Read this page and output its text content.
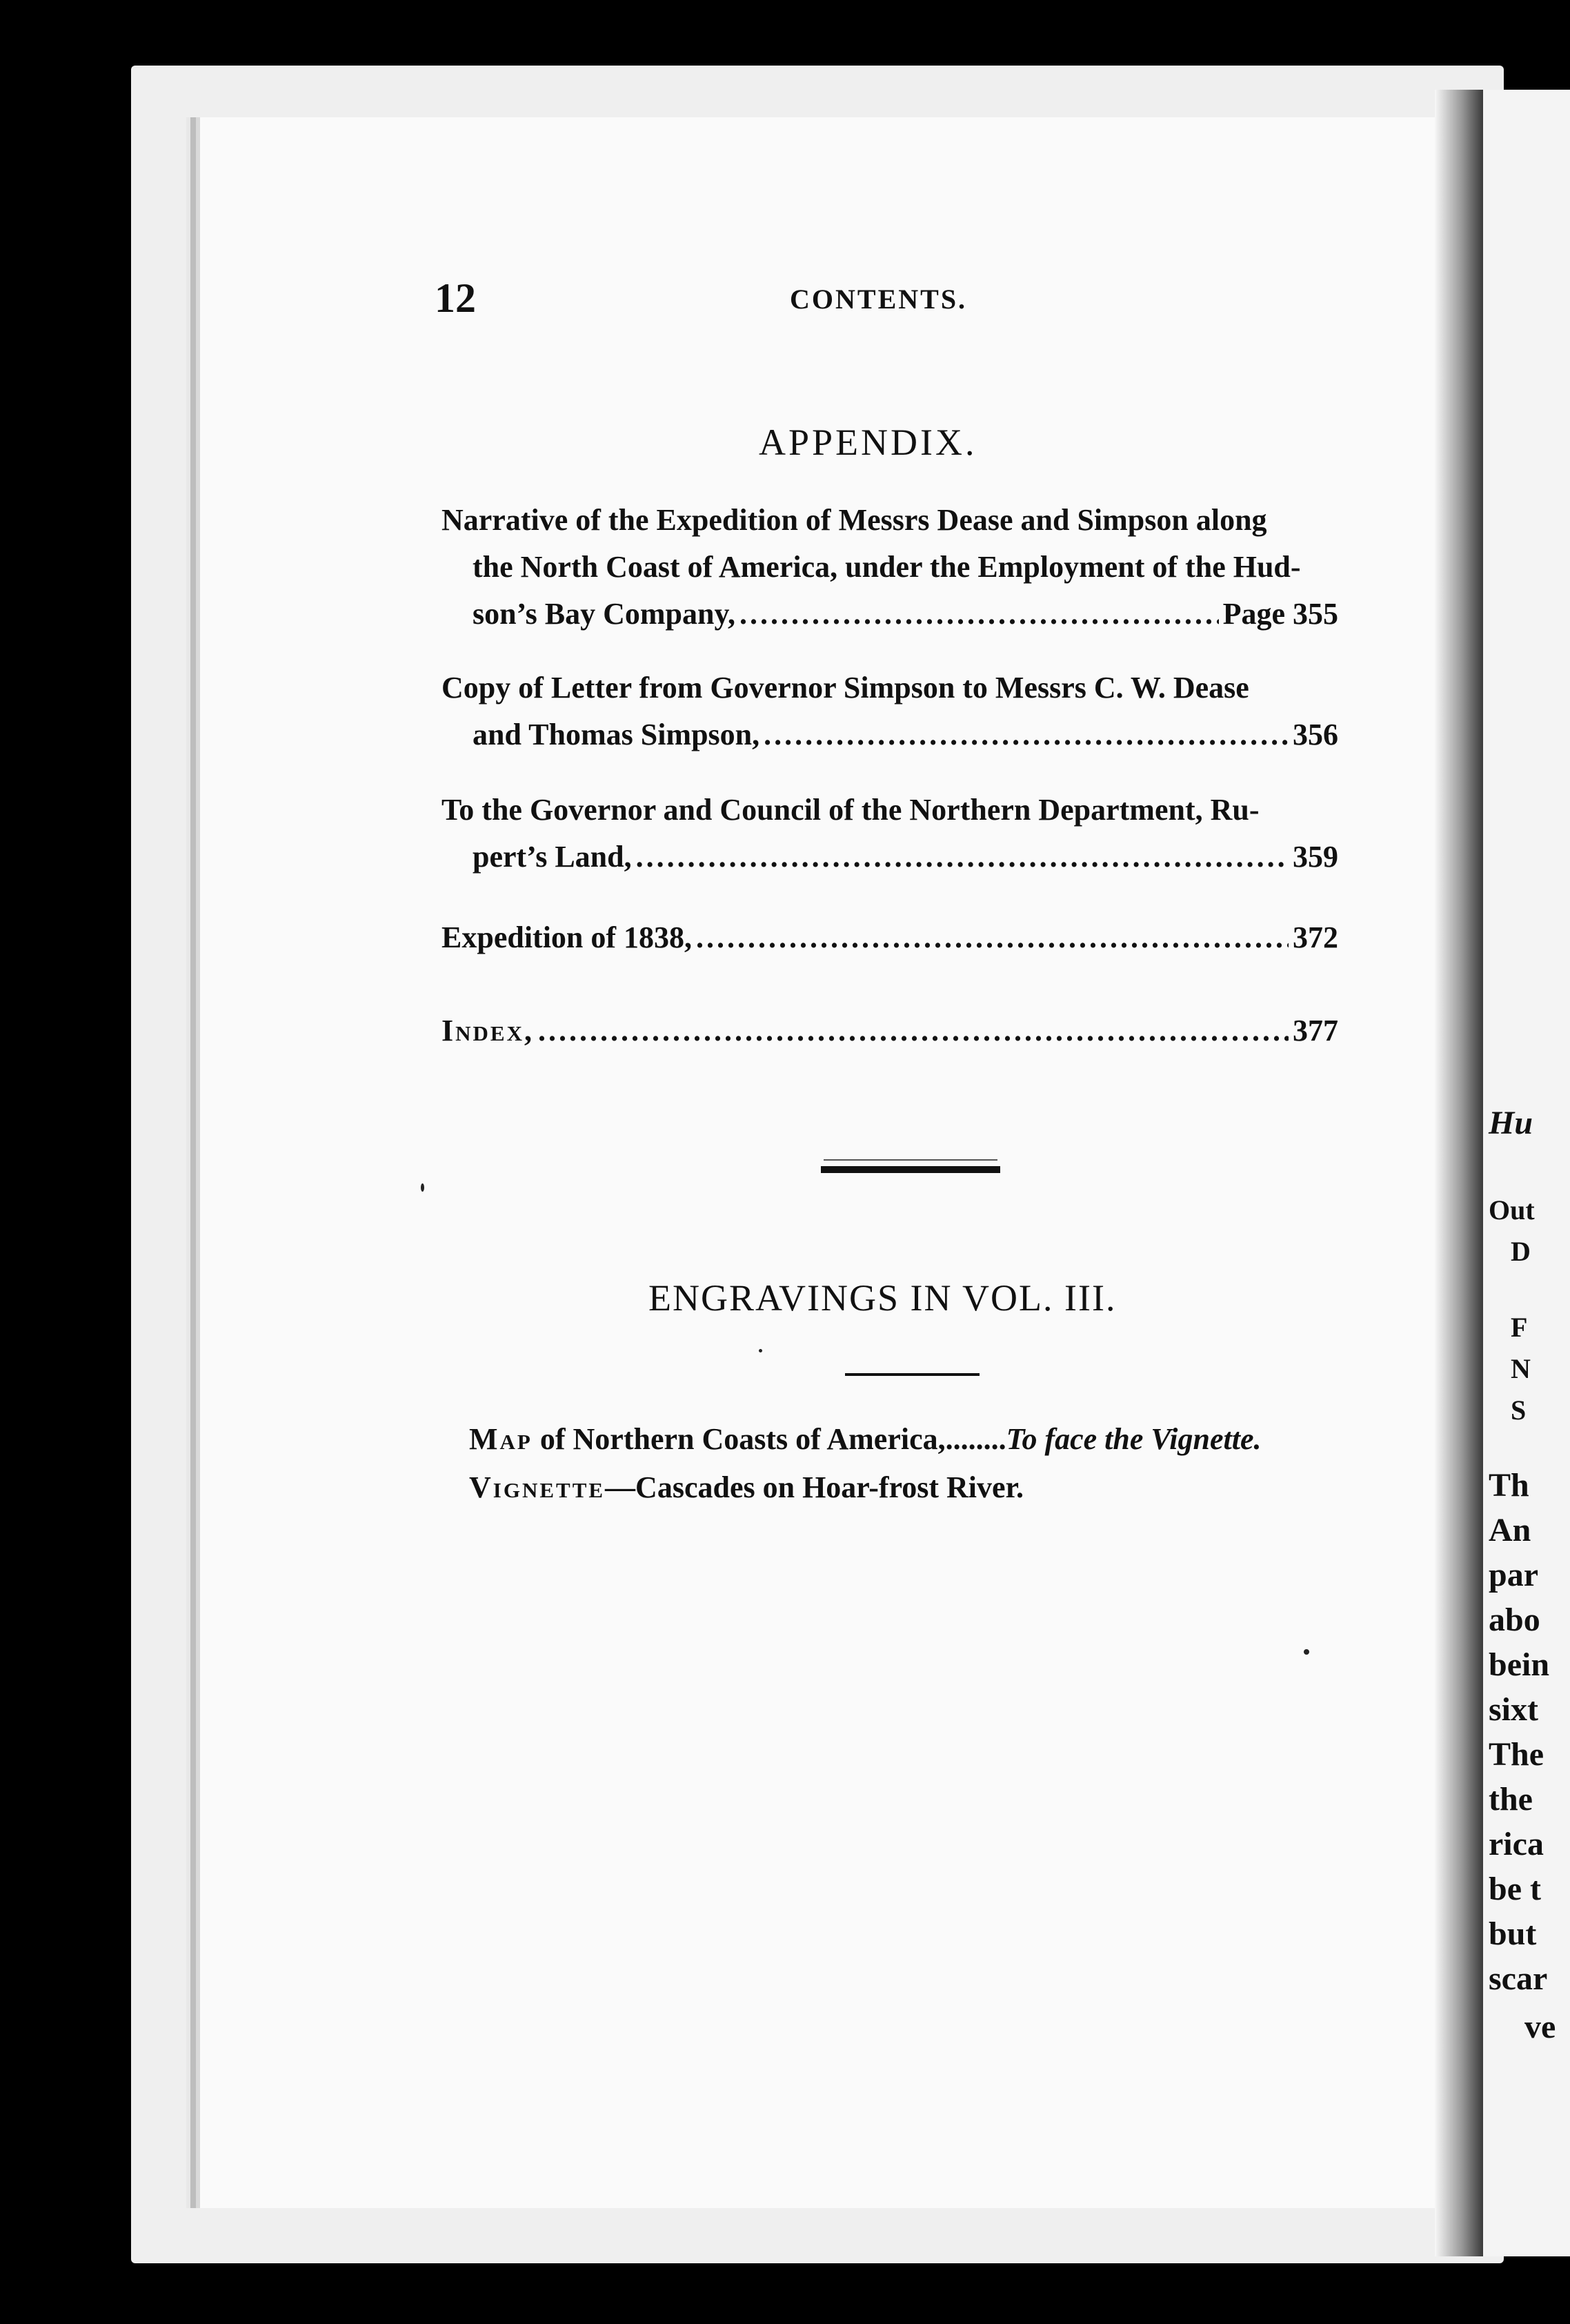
Hu
Out
D
F
N
S
Th
An
par
abo
bein
sixt
The
the
rica
be t
but
scar
ve
12	CONTENTS.
APPENDIX.
Narrative of the Expedition of Messrs Dease and Simpson along
the North Coast of America, under the Employment of the Hud-
son’s Bay Company, .....	Page 355
Copy of Letter from Governor Simpson to Messrs C. W. Dease
and Thomas Simpson, .....	356
To the Governor and Council of the Northern Department, Ru-
pert’s Land, .....	359
Expedition of 1838, .....	372
Index, .....	377
ENGRAVINGS IN VOL. III.
Map of Northern Coasts of America,........To face the Vignette.
Vignette—Cascades on Hoar-frost River.
